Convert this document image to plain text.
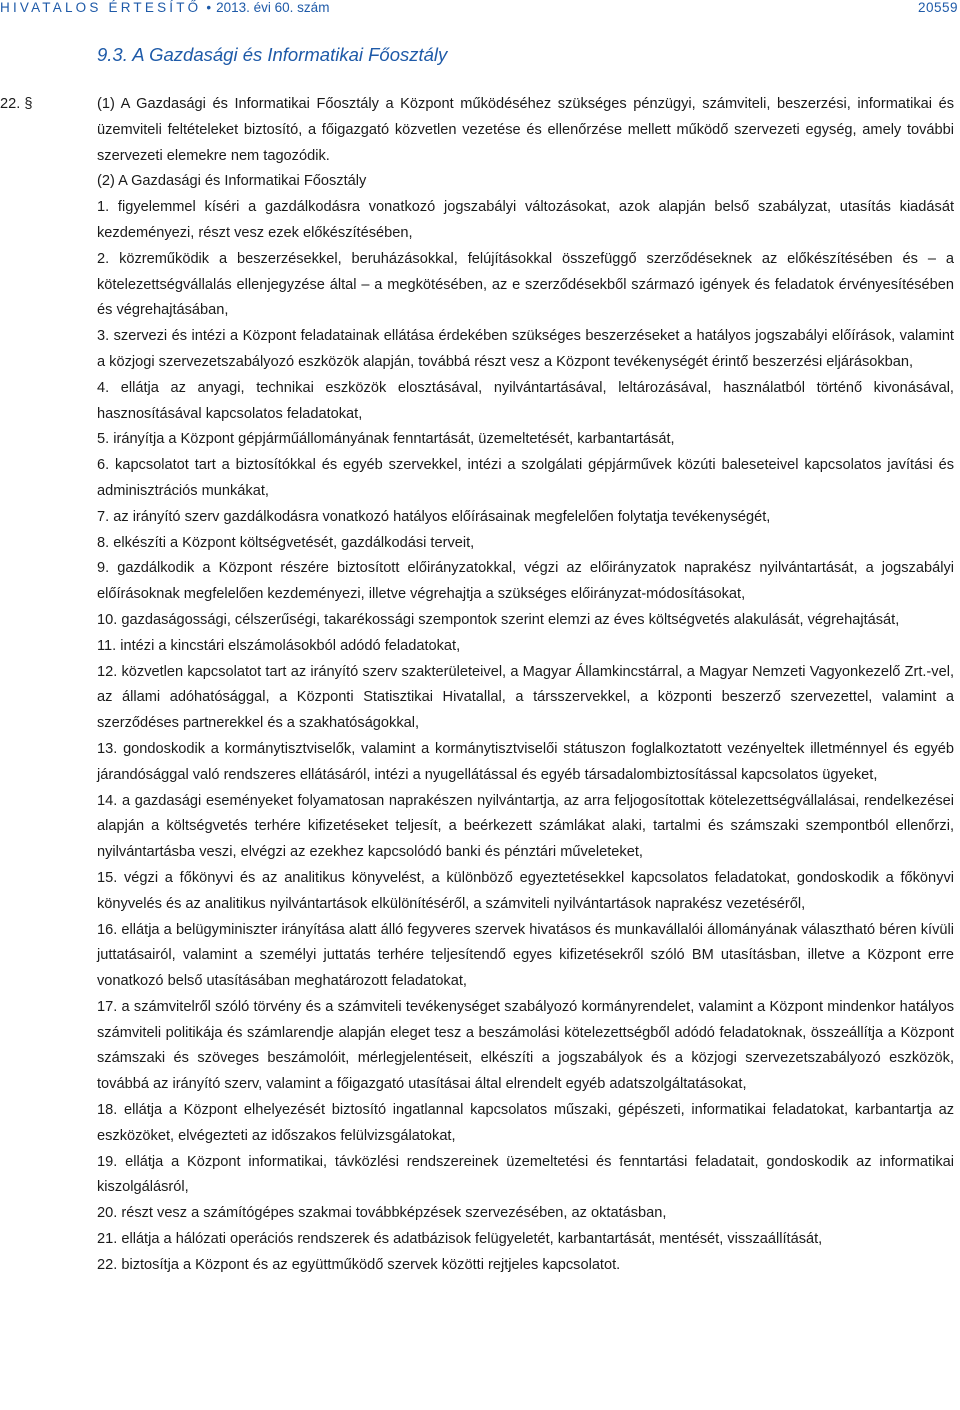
HIVATALOS ÉRTESÍTŐ • 2013. évi 60. szám	20559
9.3. A Gazdasági és Informatikai Főosztály
22. §	(1) A Gazdasági és Informatikai Főosztály a Központ működéséhez szükséges pénzügyi, számviteli, beszerzési, informatikai és üzemviteli feltételeket biztosító, a főigazgató közvetlen vezetése és ellenőrzése mellett működő szervezeti egység, amely további szervezeti elemekre nem tagozódik.
(2) A Gazdasági és Informatikai Főosztály
1. figyelemmel kíséri a gazdálkodásra vonatkozó jogszabályi változásokat, azok alapján belső szabályzat, utasítás kiadását kezdeményezi, részt vesz ezek előkészítésében,
2. közreműködik a beszerzésekkel, beruházásokkal, felújításokkal összefüggő szerződéseknek az előkészítésében és – a kötelezettségvállalás ellenjegyzése által – a megkötésében, az e szerződésekből származó igények és feladatok érvényesítésében és végrehajtásában,
3. szervezi és intézi a Központ feladatainak ellátása érdekében szükséges beszerzéseket a hatályos jogszabályi előírások, valamint a közjogi szervezetszabályozó eszközök alapján, továbbá részt vesz a Központ tevékenységét érintő beszerzési eljárásokban,
4. ellátja az anyagi, technikai eszközök elosztásával, nyilvántartásával, leltározásával, használatból történő kivonásával, hasznosításával kapcsolatos feladatokat,
5. irányítja a Központ gépjárműállományának fenntartását, üzemeltetését, karbantartását,
6. kapcsolatot tart a biztosítókkal és egyéb szervekkel, intézi a szolgálati gépjárművek közúti baleseteivel kapcsolatos javítási és adminisztrációs munkákat,
7. az irányító szerv gazdálkodásra vonatkozó hatályos előírásainak megfelelően folytatja tevékenységét,
8. elkészíti a Központ költségvetését, gazdálkodási terveit,
9. gazdálkodik a Központ részére biztosított előirányzatokkal, végzi az előirányzatok naprakész nyilvántartását, a jogszabályi előírásoknak megfelelően kezdeményezi, illetve végrehajtja a szükséges előirányzat-módosításokat,
10. gazdaságossági, célszerűségi, takarékossági szempontok szerint elemzi az éves költségvetés alakulását, végrehajtását,
11. intézi a kincstári elszámolásokból adódó feladatokat,
12. közvetlen kapcsolatot tart az irányító szerv szakterületeivel, a Magyar Államkincstárral, a Magyar Nemzeti Vagyonkezelő Zrt.-vel, az állami adóhatósággal, a Központi Statisztikai Hivatallal, a társszervekkel, a központi beszerző szervezettel, valamint a szerződéses partnerekkel és a szakhatóságokkal,
13. gondoskodik a kormánytisztviselők, valamint a kormánytisztviselői státuszon foglalkoztatott vezényeltek illetménnyel és egyéb járandósággal való rendszeres ellátásáról, intézi a nyugellátással és egyéb társadalombiztosítással kapcsolatos ügyeket,
14. a gazdasági eseményeket folyamatosan naprakészen nyilvántartja, az arra feljogosítottak kötelezettségvállalásai, rendelkezései alapján a költségvetés terhére kifizetéseket teljesít, a beérkezett számlákat alaki, tartalmi és számszaki szempontból ellenőrzi, nyilvántartásba veszi, elvégzi az ezekhez kapcsolódó banki és pénztári műveleteket,
15. végzi a főkönyvi és az analitikus könyvelést, a különböző egyeztetésekkel kapcsolatos feladatokat, gondoskodik a főkönyvi könyvelés és az analitikus nyilvántartások elkülönítéséről, a számviteli nyilvántartások naprakész vezetéséről,
16. ellátja a belügyminiszter irányítása alatt álló fegyveres szervek hivatásos és munkavállalói állományának választható béren kívüli juttatásairól, valamint a személyi juttatás terhére teljesítendő egyes kifizetésekről szóló BM utasításban, illetve a Központ erre vonatkozó belső utasításában meghatározott feladatokat,
17. a számvitelről szóló törvény és a számviteli tevékenységet szabályozó kormányrendelet, valamint a Központ mindenkor hatályos számviteli politikája és számlarendje alapján eleget tesz a beszámolási kötelezettségből adódó feladatoknak, összeállítja a Központ számszaki és szöveges beszámolóit, mérlegjelentéseit, elkészíti a jogszabályok és a közjogi szervezetszabályozó eszközök, továbbá az irányító szerv, valamint a főigazgató utasításai által elrendelt egyéb adatszolgáltatásokat,
18. ellátja a Központ elhelyezését biztosító ingatlannal kapcsolatos műszaki, gépészeti, informatikai feladatokat, karbantartja az eszközöket, elvégezteti az időszakos felülvizsgálatokat,
19. ellátja a Központ informatikai, távközlési rendszereinek üzemeltetési és fenntartási feladatait, gondoskodik az informatikai kiszolgálásról,
20. részt vesz a számítógépes szakmai továbbképzések szervezésében, az oktatásban,
21. ellátja a hálózati operációs rendszerek és adatbázisok felügyeletét, karbantartását, mentését, visszaállítását,
22. biztosítja a Központ és az együttműködő szervek közötti rejtjeles kapcsolatot.
